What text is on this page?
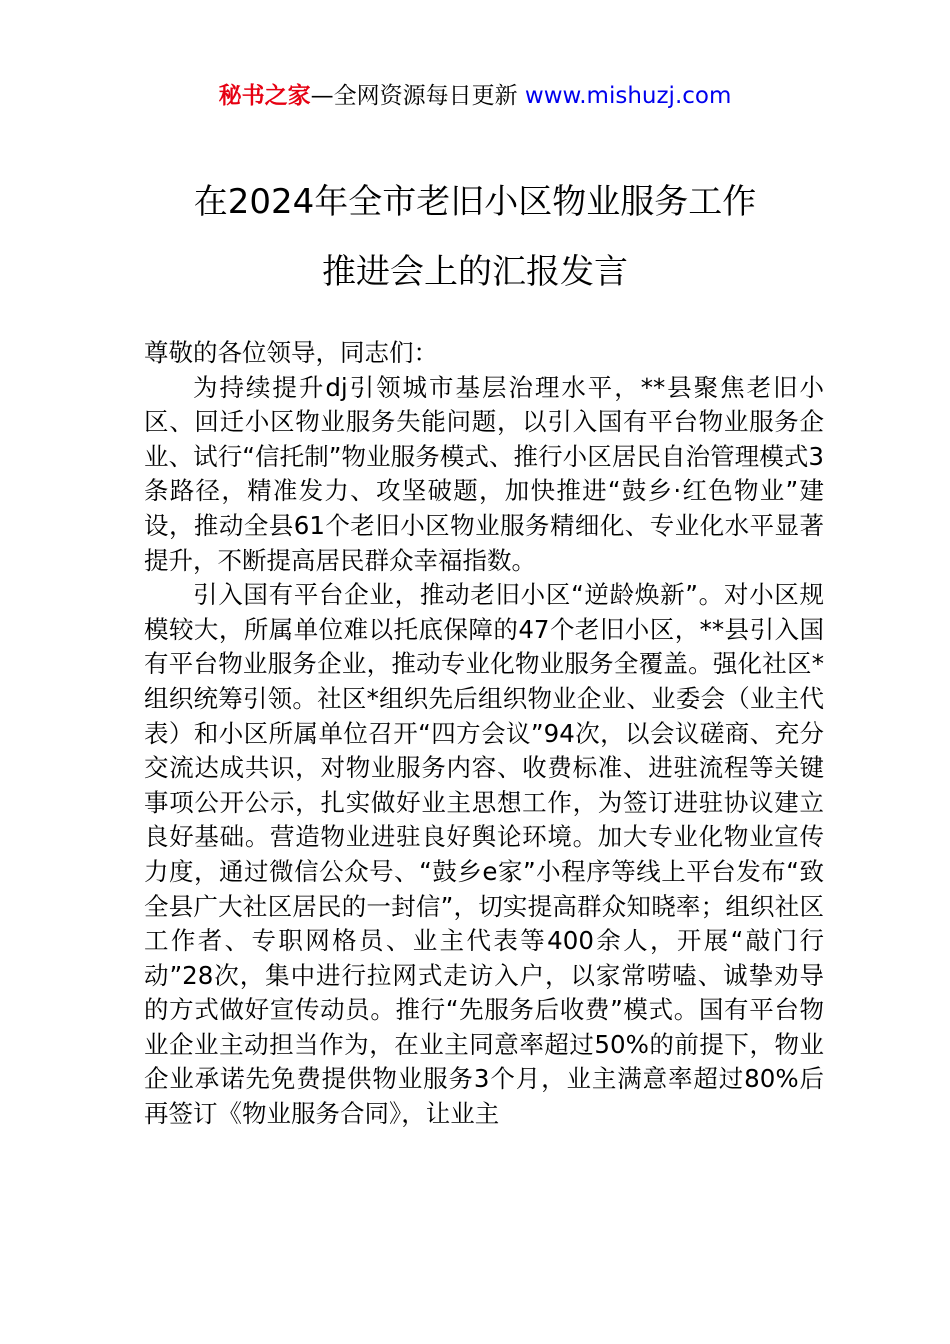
秘书之家—全网资源每日更新 www.mishuzj.com
在2024年全市老旧小区物业服务工作
推进会上的汇报发言

尊敬的各位领导，同志们：

为持续提升dj引领城市基层治理水平，**县聚焦老旧小区、回迁小区物业服务失能问题，以引入国有平台物业服务企业、试行“信托制”物业服务模式、推行小区居民自治管理模式3条路径，精准发力、攻坚破题，加快推进“鼓乡·红色物业”建设，推动全县61个老旧小区物业服务精细化、专业化水平显著提升，不断提高居民群众幸福指数。

引入国有平台企业，推动老旧小区“逆龄焕新”。对小区规模较大，所属单位难以托底保障的47个老旧小区，**县引入国有平台物业服务企业，推动专业化物业服务全覆盖。强化社区*组织统筹引领。社区*组织先后组织物业企业、业委会（业主代表）和小区所属单位召开“四方会议”94次，以会议磋商、充分交流达成共识，对物业服务内容、收费标准、进驻流程等关键事项公开公示，扎实做好业主思想工作，为签订进驻协议建立良好基础。营造物业进驻良好舆论环境。加大专业化物业宣传力度，通过微信公众号、“鼓乡e家”小程序等线上平台发布“致全县广大社区居民的一封信”，切实提高群众知晓率；组织社区工作者、专职网格员、业主代表等400余人，开展“敲门行动”28次，集中进行拉网式走访入户，以家常唠嗑、诚挚劝导的方式做好宣传动员。推行“先服务后收费”模式。国有平台物业企业主动担当作为，在业主同意率超过50%的前提下，物业企业承诺先免费提供物业服务3个月，业主满意率超过80%后再签订《物业服务合同》，让业主
